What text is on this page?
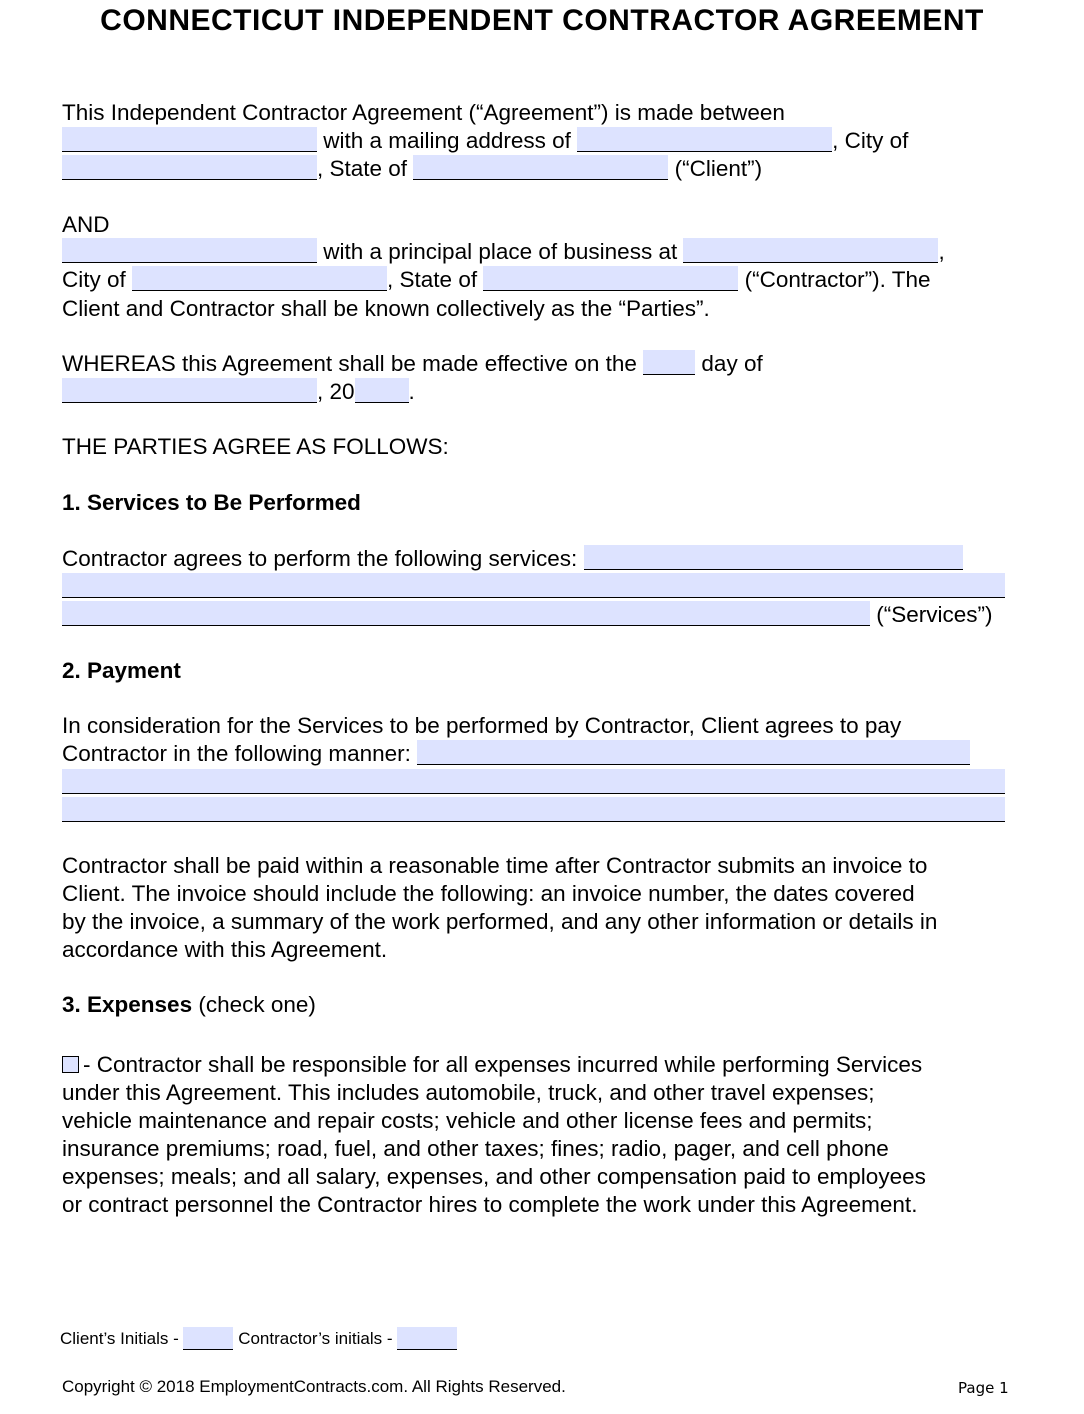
CONNECTICUT INDEPENDENT CONTRACTOR AGREEMENT
This Independent Contractor Agreement (“Agreement”) is made between
with a mailing address of	, City of
, State of	(“Client”)
AND
with a principal place of business at	,
City of	, State of	(“Contractor”). The
Client and Contractor shall be known collectively as the “Parties”.
WHEREAS this Agreement shall be made effective on the	day of
, 20 .
THE PARTIES AGREE AS FOLLOWS:
1. Services to Be Performed
Contractor agrees to perform the following services:
(“Services”)
2. Payment
In consideration for the Services to be performed by Contractor, Client agrees to pay
Contractor in the following manner:
Contractor shall be paid within a reasonable time after Contractor submits an invoice to
Client. The invoice should include the following: an invoice number, the dates covered
by the invoice, a summary of the work performed, and any other information or details in
accordance with this Agreement.
3. Expenses (check one)
- Contractor shall be responsible for all expenses incurred while performing Services
under this Agreement. This includes automobile, truck, and other travel expenses;
vehicle maintenance and repair costs; vehicle and other license fees and permits;
insurance premiums; road, fuel, and other taxes; fines; radio, pager, and cell phone
expenses; meals; and all salary, expenses, and other compensation paid to employees
or contract personnel the Contractor hires to complete the work under this Agreement.
Client’s Initials -	Contractor’s initials -
Copyright © 2018 EmploymentContracts.com. All Rights Reserved.	Page 1
